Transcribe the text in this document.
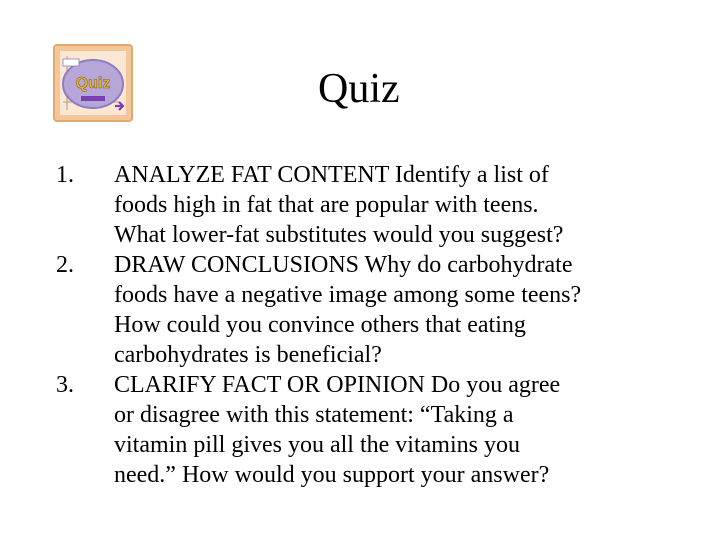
Quiz	Quiz
1. ANALYZE FAT CONTENT Identify a list of
foods high in fat that are popular with teens.
What lower-fat substitutes would you suggest?
2. DRAW CONCLUSIONS Why do carbohydrate
foods have a negative image among some teens?
How could you convince others that eating
carbohydrates is beneficial?
3. CLARIFY FACT OR OPINION Do you agree
or disagree with this statement: “Taking a
vitamin pill gives you all the vitamins you
need.” How would you support your answer?
